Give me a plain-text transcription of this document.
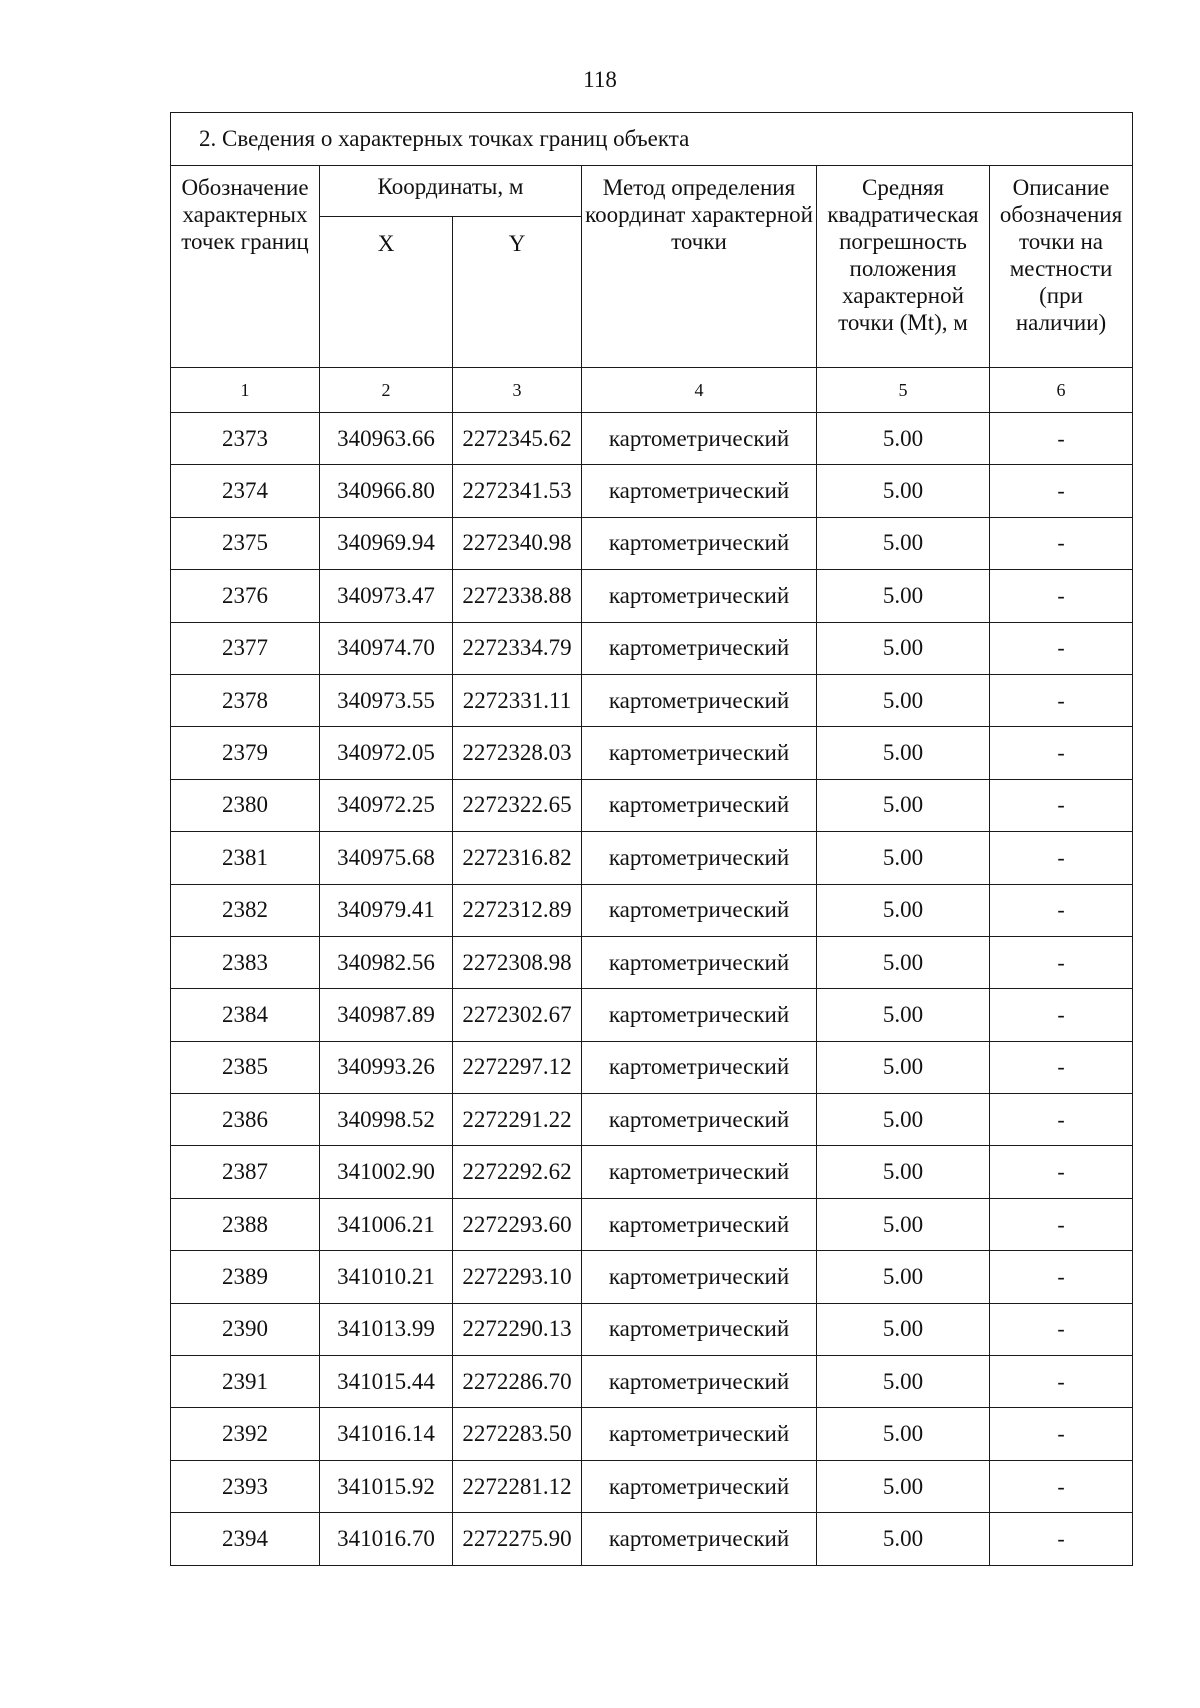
118
2. Сведения о характерных точках границ объекта					
Обозначение характерных точек границ	Координаты, м		Метод определения координат характерной точки	Средняя квадратическая погрешность положения характерной точки (Mt), м	Описание обозначения точки на местности (при наличии)
	X	Y			
1	2	3	4	5	6
2373	340963.66	2272345.62	картометрический	5.00	-
2374	340966.80	2272341.53	картометрический	5.00	-
2375	340969.94	2272340.98	картометрический	5.00	-
2376	340973.47	2272338.88	картометрический	5.00	-
2377	340974.70	2272334.79	картометрический	5.00	-
2378	340973.55	2272331.11	картометрический	5.00	-
2379	340972.05	2272328.03	картометрический	5.00	-
2380	340972.25	2272322.65	картометрический	5.00	-
2381	340975.68	2272316.82	картометрический	5.00	-
2382	340979.41	2272312.89	картометрический	5.00	-
2383	340982.56	2272308.98	картометрический	5.00	-
2384	340987.89	2272302.67	картометрический	5.00	-
2385	340993.26	2272297.12	картометрический	5.00	-
2386	340998.52	2272291.22	картометрический	5.00	-
2387	341002.90	2272292.62	картометрический	5.00	-
2388	341006.21	2272293.60	картометрический	5.00	-
2389	341010.21	2272293.10	картометрический	5.00	-
2390	341013.99	2272290.13	картометрический	5.00	-
2391	341015.44	2272286.70	картометрический	5.00	-
2392	341016.14	2272283.50	картометрический	5.00	-
2393	341015.92	2272281.12	картометрический	5.00	-
2394	341016.70	2272275.90	картометрический	5.00	-
